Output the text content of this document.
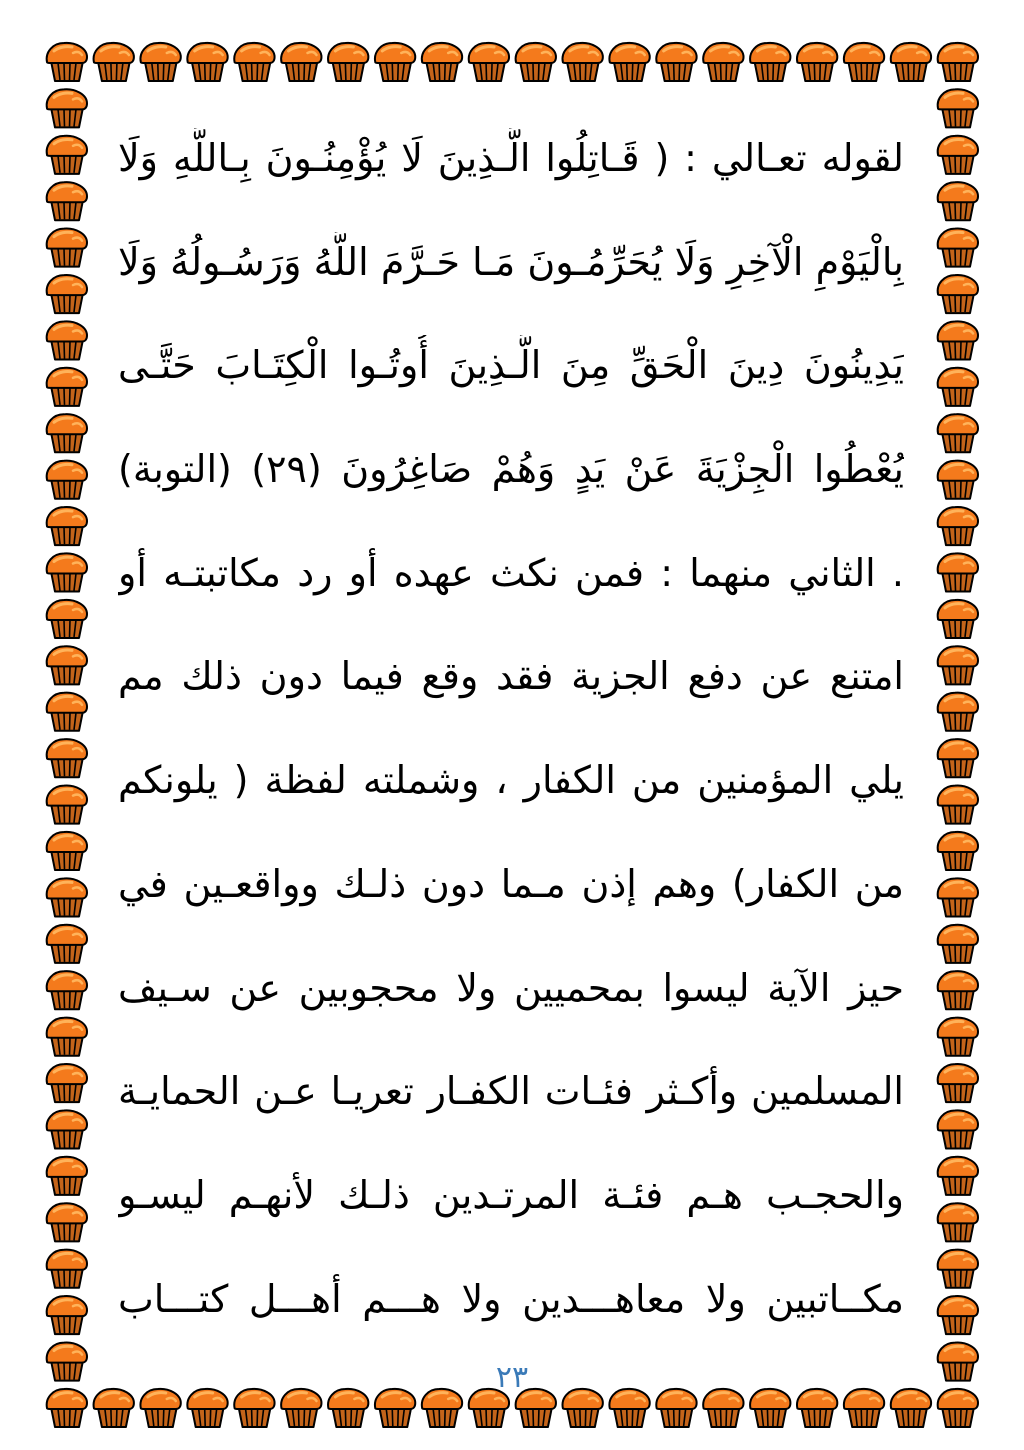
لقوله تعـالي : ( قَـاتِلُوا الَّـذِينَ لَا يُؤْمِنُـونَ بِـاللَّهِ وَلَا
بِالْيَوْمِ الْآخِرِ وَلَا يُحَرِّمُـونَ مَـا حَـرَّمَ اللَّهُ وَرَسُـولُهُ وَلَا
يَدِينُونَ دِينَ الْحَقِّ مِنَ الَّـذِينَ أُوتُـوا الْكِتَـابَ حَتَّـى
يُعْطُوا الْجِزْيَةَ عَنْ يَدٍ وَهُمْ صَاغِرُونَ (٢٩) (التوبة)
. الثاني منهما : فمن نكث عهده أو رد مكاتبتـه أو
امتنع عن دفع الجزية فقد وقع فيما دون ذلك مم
يلي المؤمنين من الكفار ، وشملته لفظة ( يلونكم
من الكفار) وهم إذن مـما دون ذلـك وواقعـين في
حيز الآية ليسوا بمحميين ولا محجوبين عن سـيف
المسلمين وأكـثر فئـات الكفـار تعريـا عـن الحمايـة
والحجـب هـم فئـة المرتـدين ذلـك لأنهـم ليسـو
مكــاتبين ولا معاهـــدين ولا هـــم أهـــل كتـــاب
٢٣
